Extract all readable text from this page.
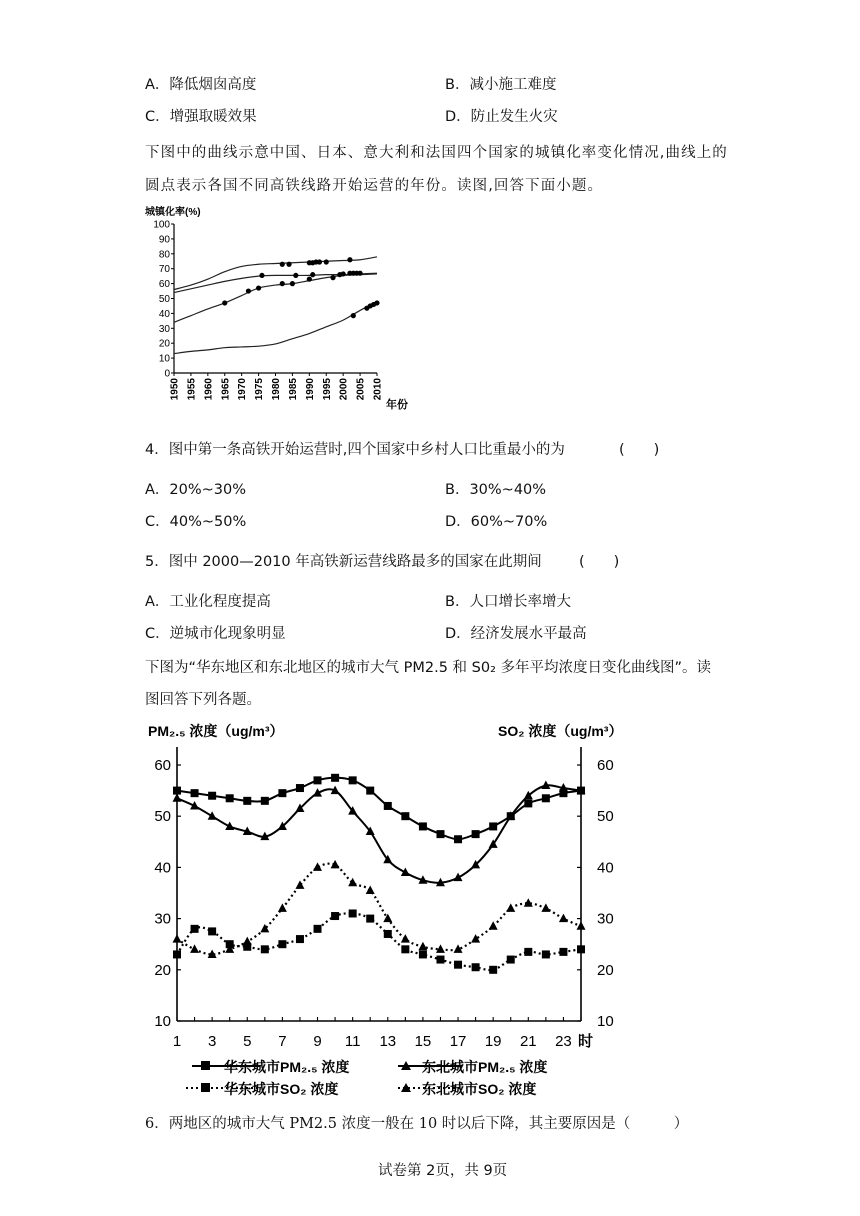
A．降低烟囱高度	B．减小施工难度
C．增强取暖效果	D．防止发生火灾
下图中的曲线示意中国、日本、意大利和法国四个国家的城镇化率变化情况,曲线上的
圆点表示各国不同高铁线路开始运营的年份。读图,回答下面小题。
城镇化率(%)
0
10
20
30
40
50
60
70
80
90
100
1950 1955 1960 1965 1970 1975 1980 1985 1990 1995 2000 2005 2010
年份
4．图中第一条高铁开始运营时,四个国家中乡村人口比重最小的为	(　　)
A．20%~30%	B．30%~40%
C．40%~50%	D．60%~70%
5．图中 2000—2010 年高铁新运营线路最多的国家在此期间	(　　)
A．工业化程度提高	B．人口增长率增大
C．逆城市化现象明显	D．经济发展水平最高
下图为“华东地区和东北地区的城市大气 PM2.5 和 S0₂ 多年平均浓度日变化曲线图”。读
图回答下列各题。
PM₂.₅ 浓度（ug/m³）	SO₂ 浓度（ug/m³）
10	10
20	20
30	30
40	40
50	50
60	60
1 3 5 7 9 11 13 15 17 19 21 23 时
华东城市PM₂.₅ 浓度	东北城市PM₂.₅ 浓度
华东城市SO₂ 浓度	东北城市SO₂ 浓度
6．两地区的城市大气 PM2.5 浓度一般在 10 时以后下降，其主要原因是（　　　）
试卷第 2页，共 9页
